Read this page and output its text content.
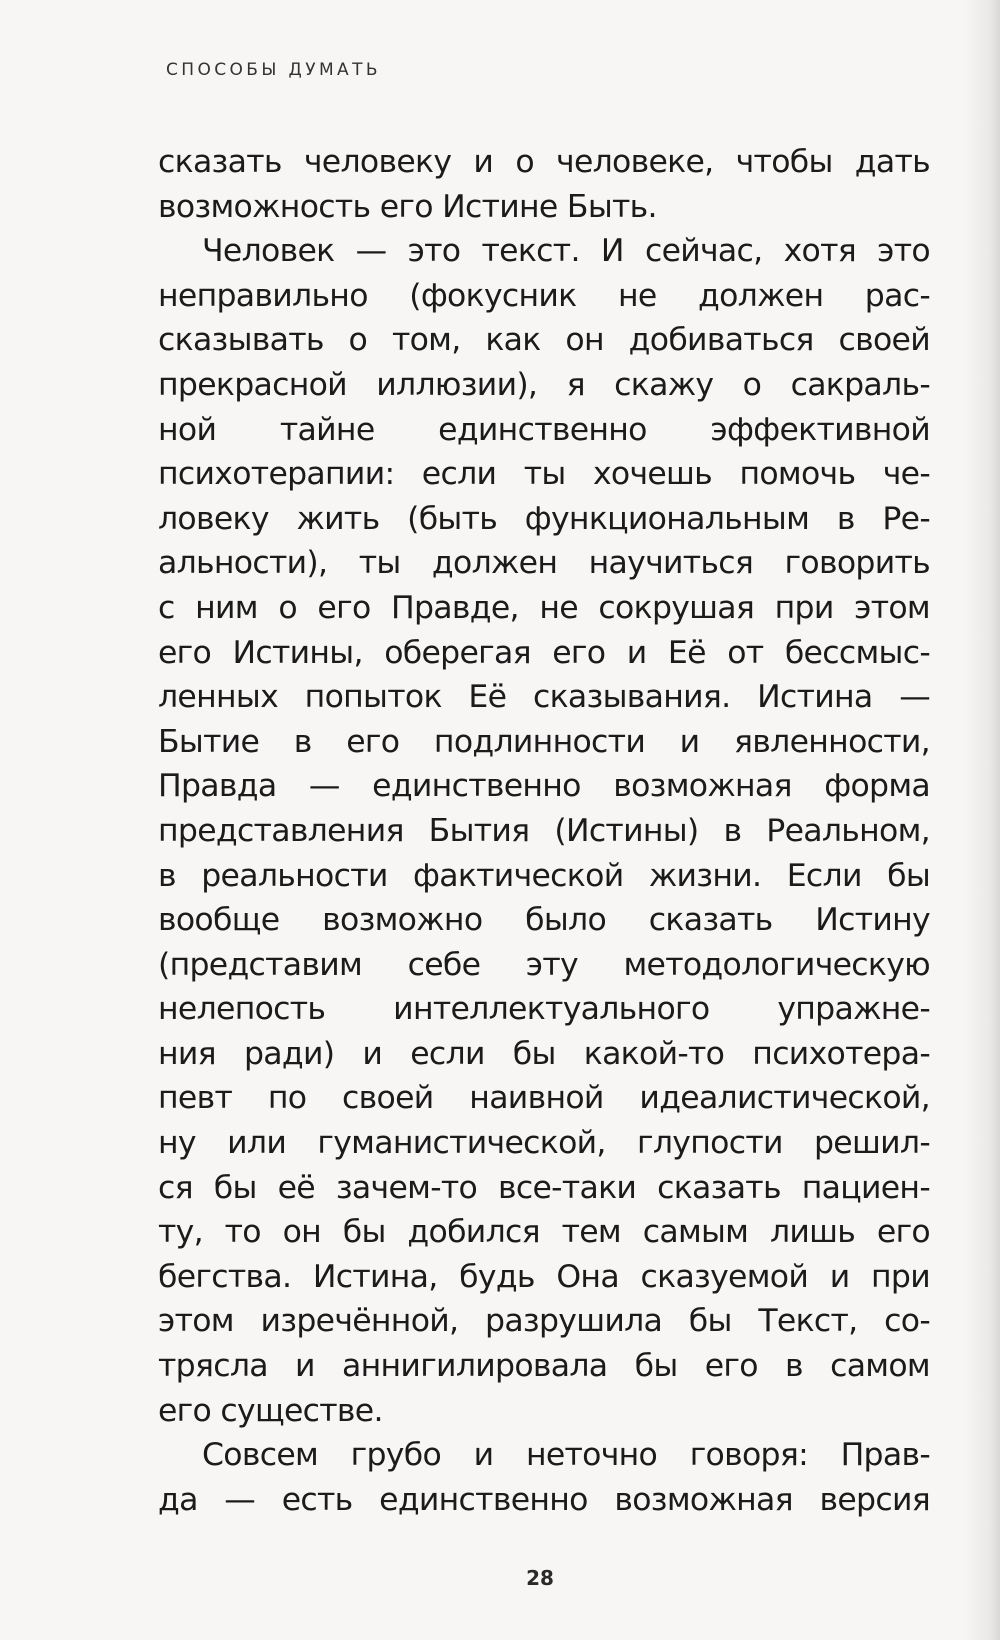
СПОСОБЫ ДУМАТЬ
сказать человеку и о человеке, чтобы дать
возможность его Истине Быть.
Человек — это текст. И сейчас, хотя это
неправильно (фокусник не должен рас-
сказывать о том, как он добиваться своей
прекрасной иллюзии), я скажу о сакраль-
ной тайне единственно эффективной
психотерапии: если ты хочешь помочь че-
ловеку жить (быть функциональным в Ре-
альности), ты должен научиться говорить
с ним о его Правде, не сокрушая при этом
его Истины, оберегая его и Её от бессмыс-
ленных попыток Её сказывания. Истина —
Бытие в его подлинности и явленности,
Правда — единственно возможная форма
представления Бытия (Истины) в Реальном,
в реальности фактической жизни. Если бы
вообще возможно было сказать Истину
(представим себе эту методологическую
нелепость интеллектуального упражне-
ния ради) и если бы какой-то психотера-
певт по своей наивной идеалистической,
ну или гуманистической, глупости решил-
ся бы её зачем-то все-таки сказать пациен-
ту, то он бы добился тем самым лишь его
бегства. Истина, будь Она сказуемой и при
этом изречённой, разрушила бы Текст, со-
трясла и аннигилировала бы его в самом
его существе.
Совсем грубо и неточно говоря: Прав-
да — есть единственно возможная версия
28
